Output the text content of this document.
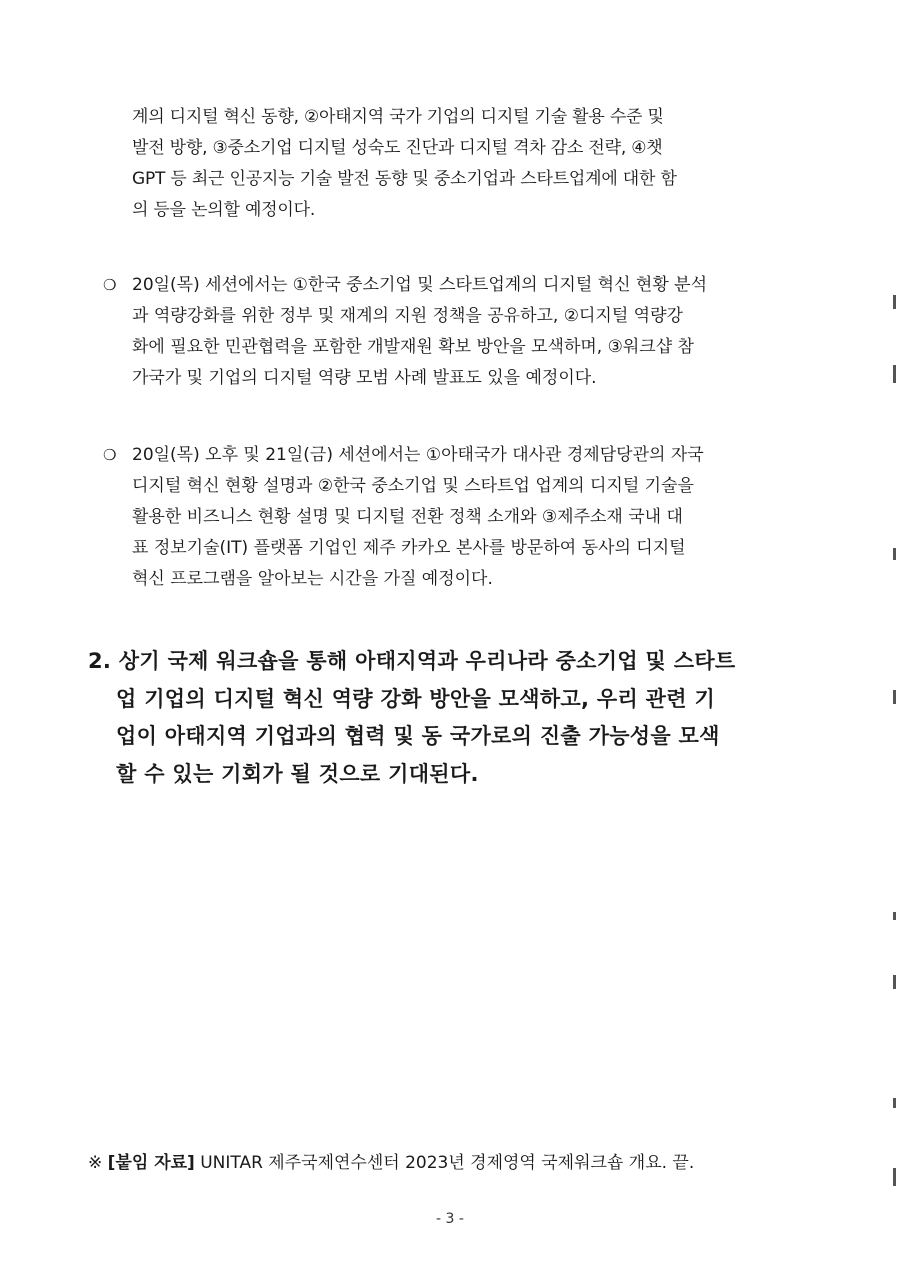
계의 디지털 혁신 동향, ②아태지역 국가 기업의 디지털 기술 활용 수준 및
발전 방향, ③중소기업 디지털 성숙도 진단과 디지털 격차 감소 전략, ④챗
GPT 등 최근 인공지능 기술 발전 동향 및 중소기업과 스타트업계에 대한 함
의 등을 논의할 예정이다.
❍ 20일(목) 세션에서는 ①한국 중소기업 및 스타트업계의 디지털 혁신 현황 분석
과 역량강화를 위한 정부 및 재계의 지원 정책을 공유하고, ②디지털 역량강
화에 필요한 민관협력을 포함한 개발재원 확보 방안을 모색하며, ③워크샵 참
가국가 및 기업의 디지털 역량 모범 사례 발표도 있을 예정이다.
❍ 20일(목) 오후 및 21일(금) 세션에서는 ①아태국가 대사관 경제담당관의 자국
디지털 혁신 현황 설명과 ②한국 중소기업 및 스타트업 업계의 디지털 기술을
활용한 비즈니스 현황 설명 및 디지털 전환 정책 소개와 ③제주소재 국내 대
표 정보기술(IT) 플랫폼 기업인 제주 카카오 본사를 방문하여 동사의 디지털
혁신 프로그램을 알아보는 시간을 가질 예정이다.
2. 상기 국제 워크숍을 통해 아태지역과 우리나라 중소기업 및 스타트
업 기업의 디지털 혁신 역량 강화 방안을 모색하고, 우리 관련 기
업이 아태지역 기업과의 협력 및 동 국가로의 진출 가능성을 모색
할 수 있는 기회가 될 것으로 기대된다.
※ [붙임 자료] UNITAR 제주국제연수센터 2023년 경제영역 국제워크숍 개요. 끝.
- 3 -
